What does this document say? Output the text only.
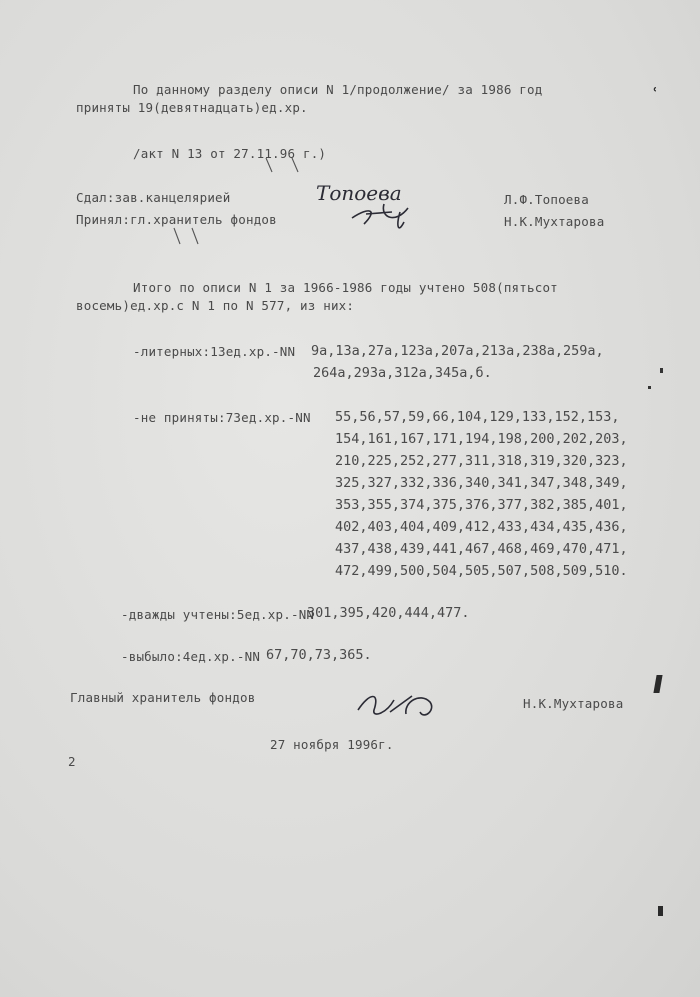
По данному разделу описи N 1/продолжение/ за 1986 год
приняты 19(девятнадцать)ед.хр.
/акт N 13 от 27.11.96 г.)
Сдал:зав.канцелярией	Л.Ф.Топоева
Принял:гл.хранитель фондов	Н.К.Мухтарова
Топоева
Итого по описи N 1 за 1966-1986 годы учтено 508(пятьсот
восемь)ед.хр.с N 1 по N 577, из них:
-литерных:13ед.хр.-NN 9а,13а,27а,123а,207а,213а,238а,259а,
264а,293а,312а,345а,б.
-не приняты:73ед.хр.-NN 55,56,57,59,66,104,129,133,152,153,
154,161,167,171,194,198,200,202,203,
210,225,252,277,311,318,319,320,323,
325,327,332,336,340,341,347,348,349,
353,355,374,375,376,377,382,385,401,
402,403,404,409,412,433,434,435,436,
437,438,439,441,467,468,469,470,471,
472,499,500,504,505,507,508,509,510.
-дважды учтены:5ед.хр.-NN
301,395,420,444,477.
-выбыло:4ед.хр.-NN 67,70,73,365.
Главный хранитель фондов	Н.К.Мухтарова
27 ноября 1996г.
2
ʿ
